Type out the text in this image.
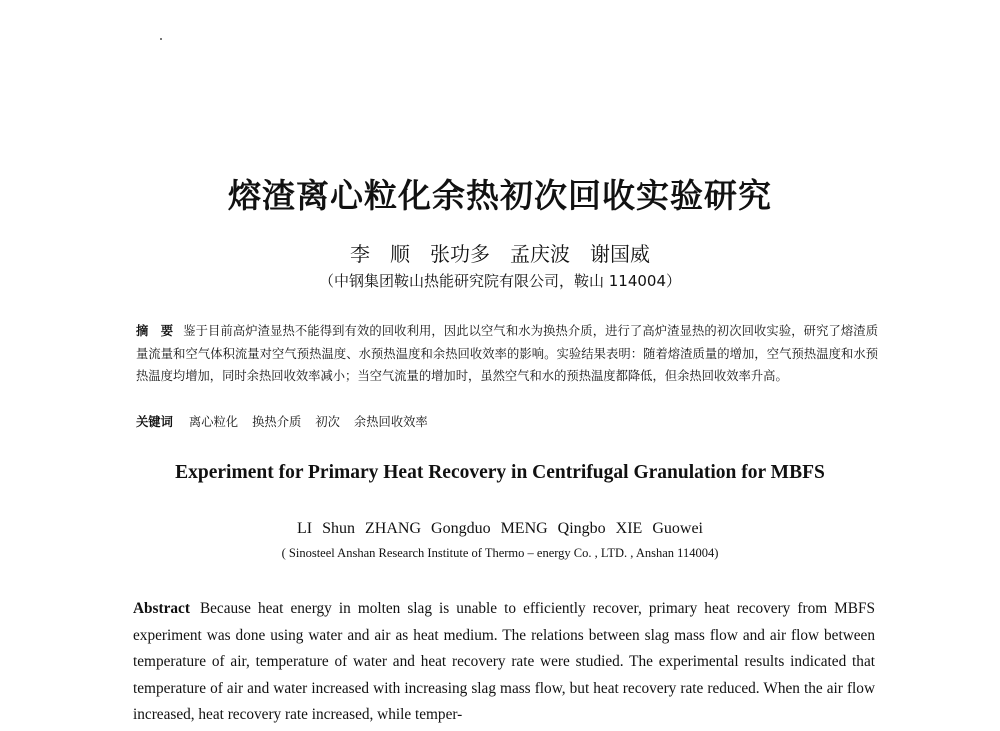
熔渣离心粒化余热初次回收实验研究
李　顺　张功多　孟庆波　谢国威
（中钢集团鞍山热能研究院有限公司，鞍山 114004）
摘 要 鉴于目前高炉渣显热不能得到有效的回收利用，因此以空气和水为换热介质，进行了高炉渣显热的初次回收实验，研究了熔渣质量流量和空气体积流量对空气预热温度、水预热温度和余热回收效率的影响。实验结果表明：随着熔渣质量的增加，空气预热温度和水预热温度均增加，同时余热回收效率减小；当空气流量的增加时，虽然空气和水的预热温度都降低，但余热回收效率升高。
关键词 离心粒化 换热介质 初次 余热回收效率
Experiment for Primary Heat Recovery in Centrifugal Granulation for MBFS
LI Shun ZHANG Gongduo MENG Qingbo XIE Guowei
( Sinosteel Anshan Research Institute of Thermo – energy Co. , LTD. , Anshan 114004)
Abstract Because heat energy in molten slag is unable to efficiently recover, primary heat recovery from MBFS experiment was done using water and air as heat medium. The relations between slag mass flow and air flow between temperature of air, temperature of water and heat recovery rate were studied. The experimental results indicated that temperature of air and water increased with increasing slag mass flow, but heat recovery rate reduced. When the air flow increased, heat recovery rate increased, while temper-
